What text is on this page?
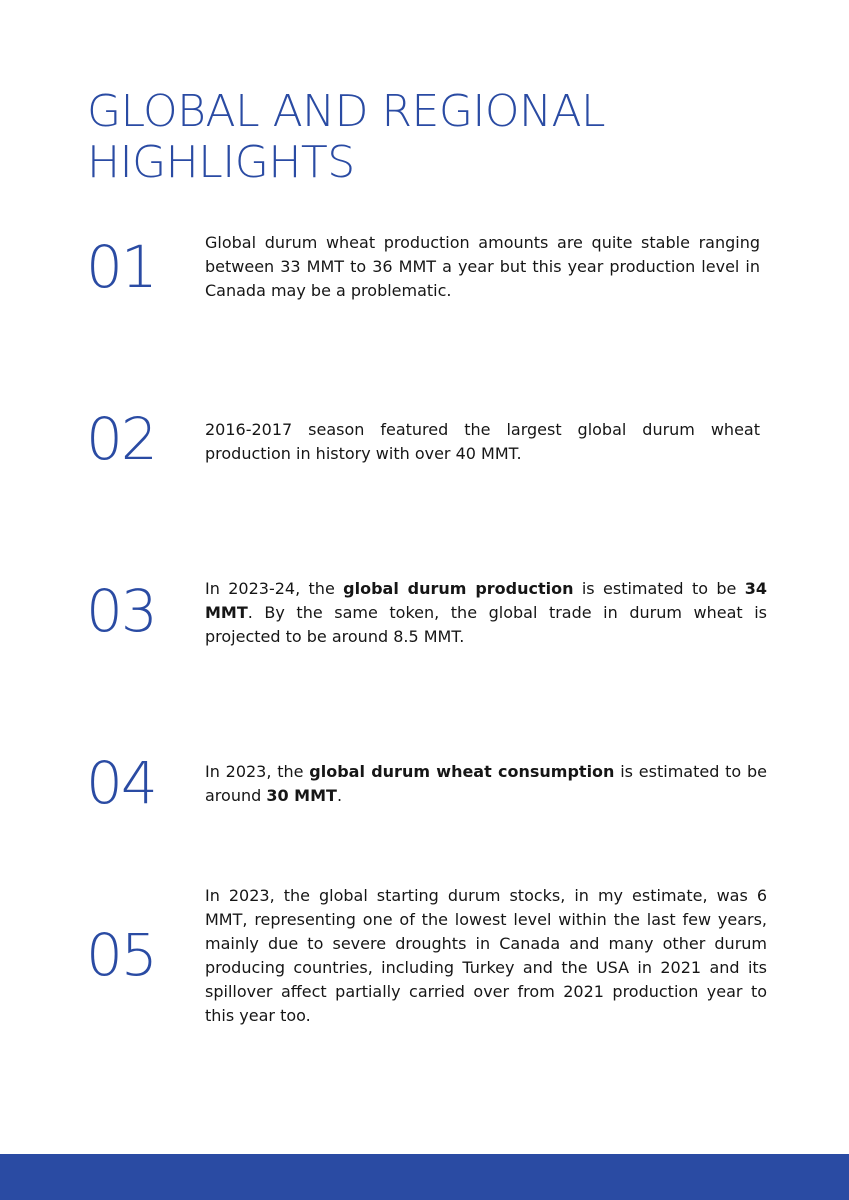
GLOBAL AND REGIONAL HIGHLIGHTS
01	Global durum wheat production amounts are quite stable ranging between 33 MMT to 36 MMT a year but this year production level in Canada may be a problematic.

02	2016-2017 season featured the largest global durum wheat production in history with over 40 MMT.

03	In 2023-24, the global durum production is estimated to be 34 MMT. By the same token, the global trade in durum wheat is projected to be around 8.5 MMT.

04	In 2023, the global durum wheat consumption is estimated to be around 30 MMT.

05

In 2023, the global starting durum stocks, in my estimate, was 6 MMT, representing one of the lowest level within the last few years, mainly due to severe droughts in Canada and many other durum producing countries, including Turkey and the USA in 2021 and its spillover affect partially carried over from 2021 production year to this year too.
